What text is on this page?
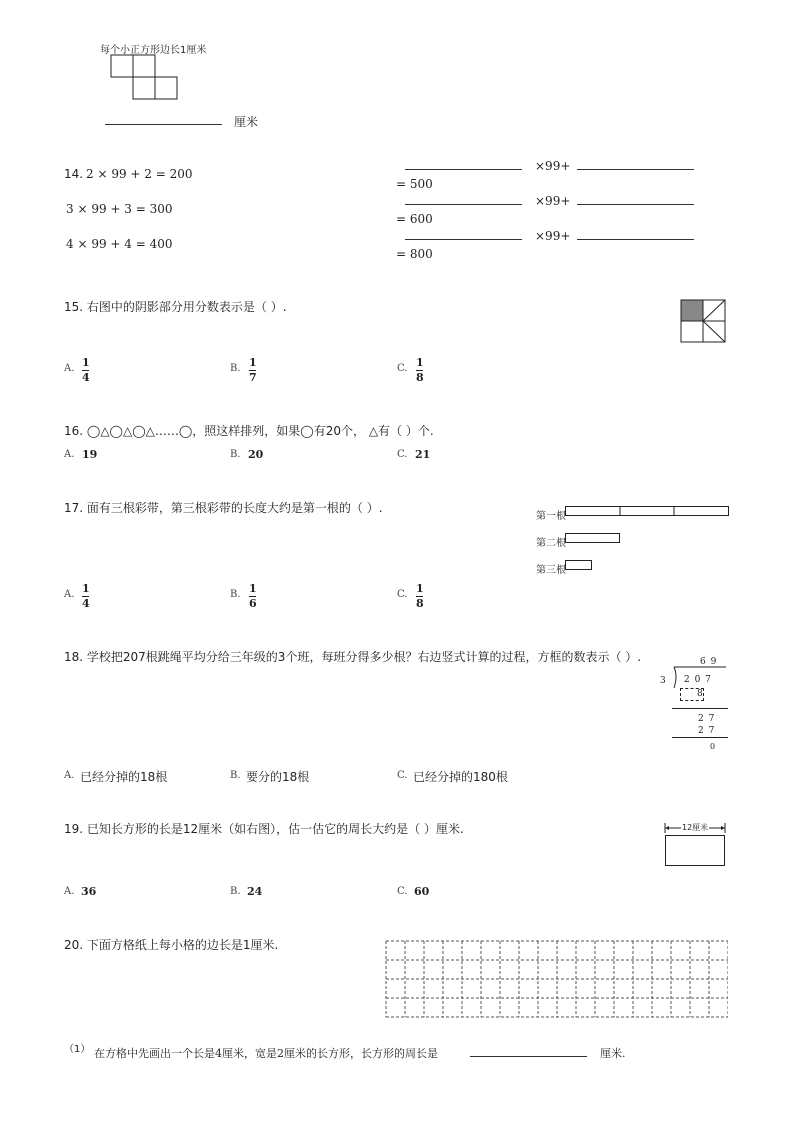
每个小正方形边长1厘米
厘米
14. 2 × 99 + 2 = 200
3 × 99 + 3 = 300
4 × 99 + 4 = 400
×99+
= 500
×99+
= 600
×99+
= 800
15. 右图中的阴影部分用分数表示是（ ）.
A. 1
4
B. 1
7
C. 1
8
16. ◯△◯△◯△……◯，照这样排列，如果◯有20个， △有（ ）个.
A. 19	B. 20	C. 21
17. 面有三根彩带，第三根彩带的长度大约是第一根的（ ）.
第一根
第二根
第三根
A. 1
4
B. 1
6
C. 1
8
18. 学校把207根跳绳平均分给三年级的3个班，每班分得多少根？右边竖式计算的过程，方框的数表示（ ）.	6 9
3 2 0 7
8
2 7
2 7
0
A. 已经分掉的18根	B. 要分的18根	C. 已经分掉的180根
19. 已知长方形的长是12厘米（如右图），估一估它的周长大约是（ ）厘米.	12厘米
A. 36	B. 24	C. 60
20. 下面方格纸上每小格的边长是1厘米.
（1） 在方格中先画出一个长是4厘米，宽是2厘米的长方形，长方形的周长是	厘米.
